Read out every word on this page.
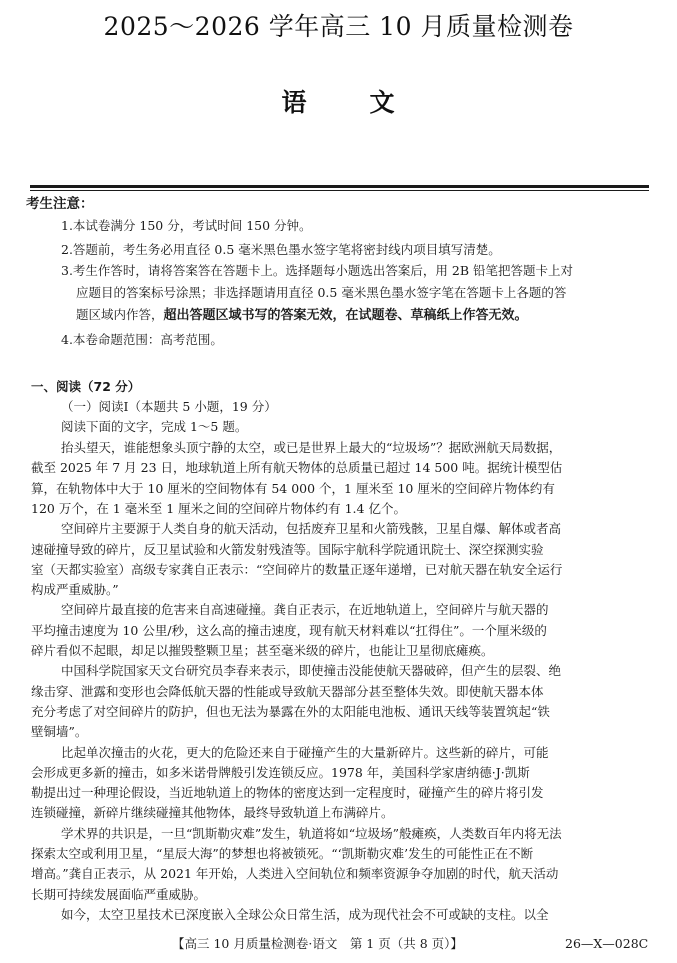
2025～2026 学年高三 10 月质量检测卷
语 文
考生注意：
1.本试卷满分 150 分，考试时间 150 分钟。
2.答题前，考生务必用直径 0.5 毫米黑色墨水签字笔将密封线内项目填写清楚。
3.考生作答时，请将答案答在答题卡上。选择题每小题选出答案后，用 2B 铅笔把答题卡上对
应题目的答案标号涂黑；非选择题请用直径 0.5 毫米黑色墨水签字笔在答题卡上各题的答
题区域内作答，超出答题区域书写的答案无效，在试题卷、草稿纸上作答无效。
4.本卷命题范围：高考范围。
一、阅读（72 分）
（一）阅读Ⅰ（本题共 5 小题，19 分）
阅读下面的文字，完成 1～5 题。
抬头望天，谁能想象头顶宁静的太空，或已是世界上最大的“垃圾场”？据欧洲航天局数据，
截至 2025 年 7 月 23 日，地球轨道上所有航天物体的总质量已超过 14 500 吨。据统计模型估
算，在轨物体中大于 10 厘米的空间物体有 54 000 个，1 厘米至 10 厘米的空间碎片物体约有
120 万个，在 1 毫米至 1 厘米之间的空间碎片物体约有 1.4 亿个。
空间碎片主要源于人类自身的航天活动，包括废弃卫星和火箭残骸，卫星自爆、解体或者高
速碰撞导致的碎片，反卫星试验和火箭发射残渣等。国际宇航科学院通讯院士、深空探测实验
室（天都实验室）高级专家龚自正表示：“空间碎片的数量正逐年递增，已对航天器在轨安全运行
构成严重威胁。”
空间碎片最直接的危害来自高速碰撞。龚自正表示，在近地轨道上，空间碎片与航天器的
平均撞击速度为 10 公里/秒，这么高的撞击速度，现有航天材料难以“扛得住”。一个厘米级的
碎片看似不起眼，却足以摧毁整颗卫星；甚至毫米级的碎片，也能让卫星彻底瘫痪。
中国科学院国家天文台研究员李春来表示，即使撞击没能使航天器破碎，但产生的层裂、绝
缘击穿、泄露和变形也会降低航天器的性能或导致航天器部分甚至整体失效。即使航天器本体
充分考虑了对空间碎片的防护，但也无法为暴露在外的太阳能电池板、通讯天线等装置筑起“铁
壁铜墙”。
比起单次撞击的火花，更大的危险还来自于碰撞产生的大量新碎片。这些新的碎片，可能
会形成更多新的撞击，如多米诺骨牌般引发连锁反应。1978 年，美国科学家唐纳德·J·凯斯
勒提出过一种理论假设，当近地轨道上的物体的密度达到一定程度时，碰撞产生的碎片将引发
连锁碰撞，新碎片继续碰撞其他物体，最终导致轨道上布满碎片。
学术界的共识是，一旦“凯斯勒灾难”发生，轨道将如“垃圾场”般瘫痪，人类数百年内将无法
探索太空或利用卫星，“星辰大海”的梦想也将被锁死。“‘凯斯勒灾难’发生的可能性正在不断
增高。”龚自正表示，从 2021 年开始，人类进入空间轨位和频率资源争夺加剧的时代，航天活动
长期可持续发展面临严重威胁。
如今，太空卫星技术已深度嵌入全球公众日常生活，成为现代社会不可或缺的支柱。以全
【高三 10 月质量检测卷·语文　第 1 页（共 8 页）】	26—X—028C
